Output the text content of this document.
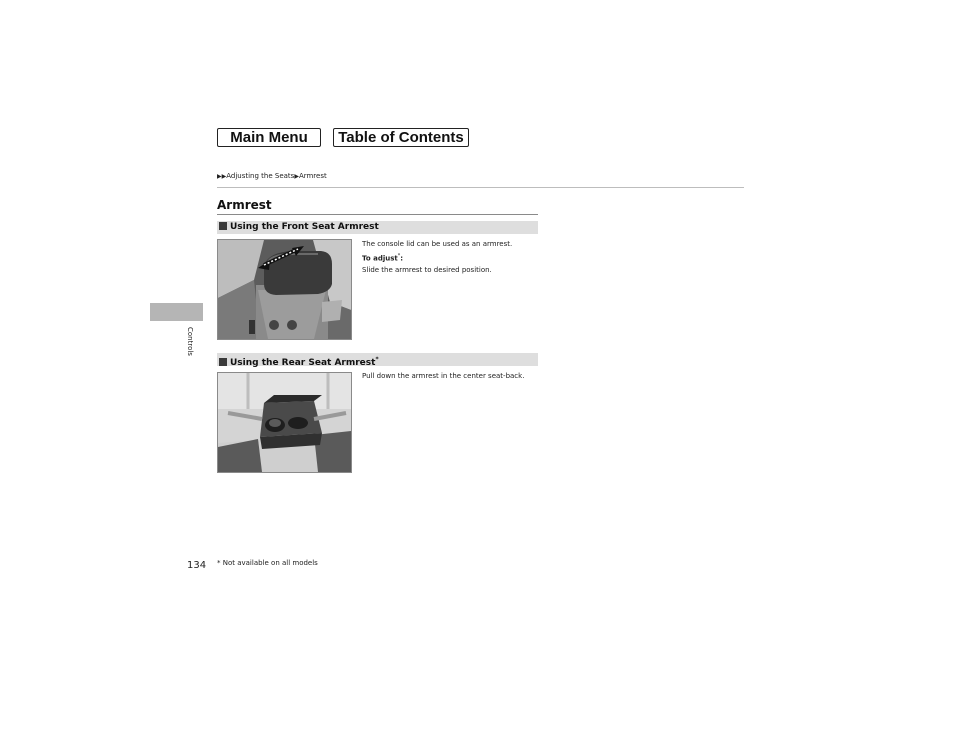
Main Menu	Table of Contents
▶▶Adjusting the Seats▶Armrest
Controls
Armrest
Using the Front Seat Armrest
The console lid can be used as an armrest.
To adjust*:
Slide the armrest to desired position.
Using the Rear Seat Armrest*
Pull down the armrest in the center seat-back.
134 * Not available on all models
